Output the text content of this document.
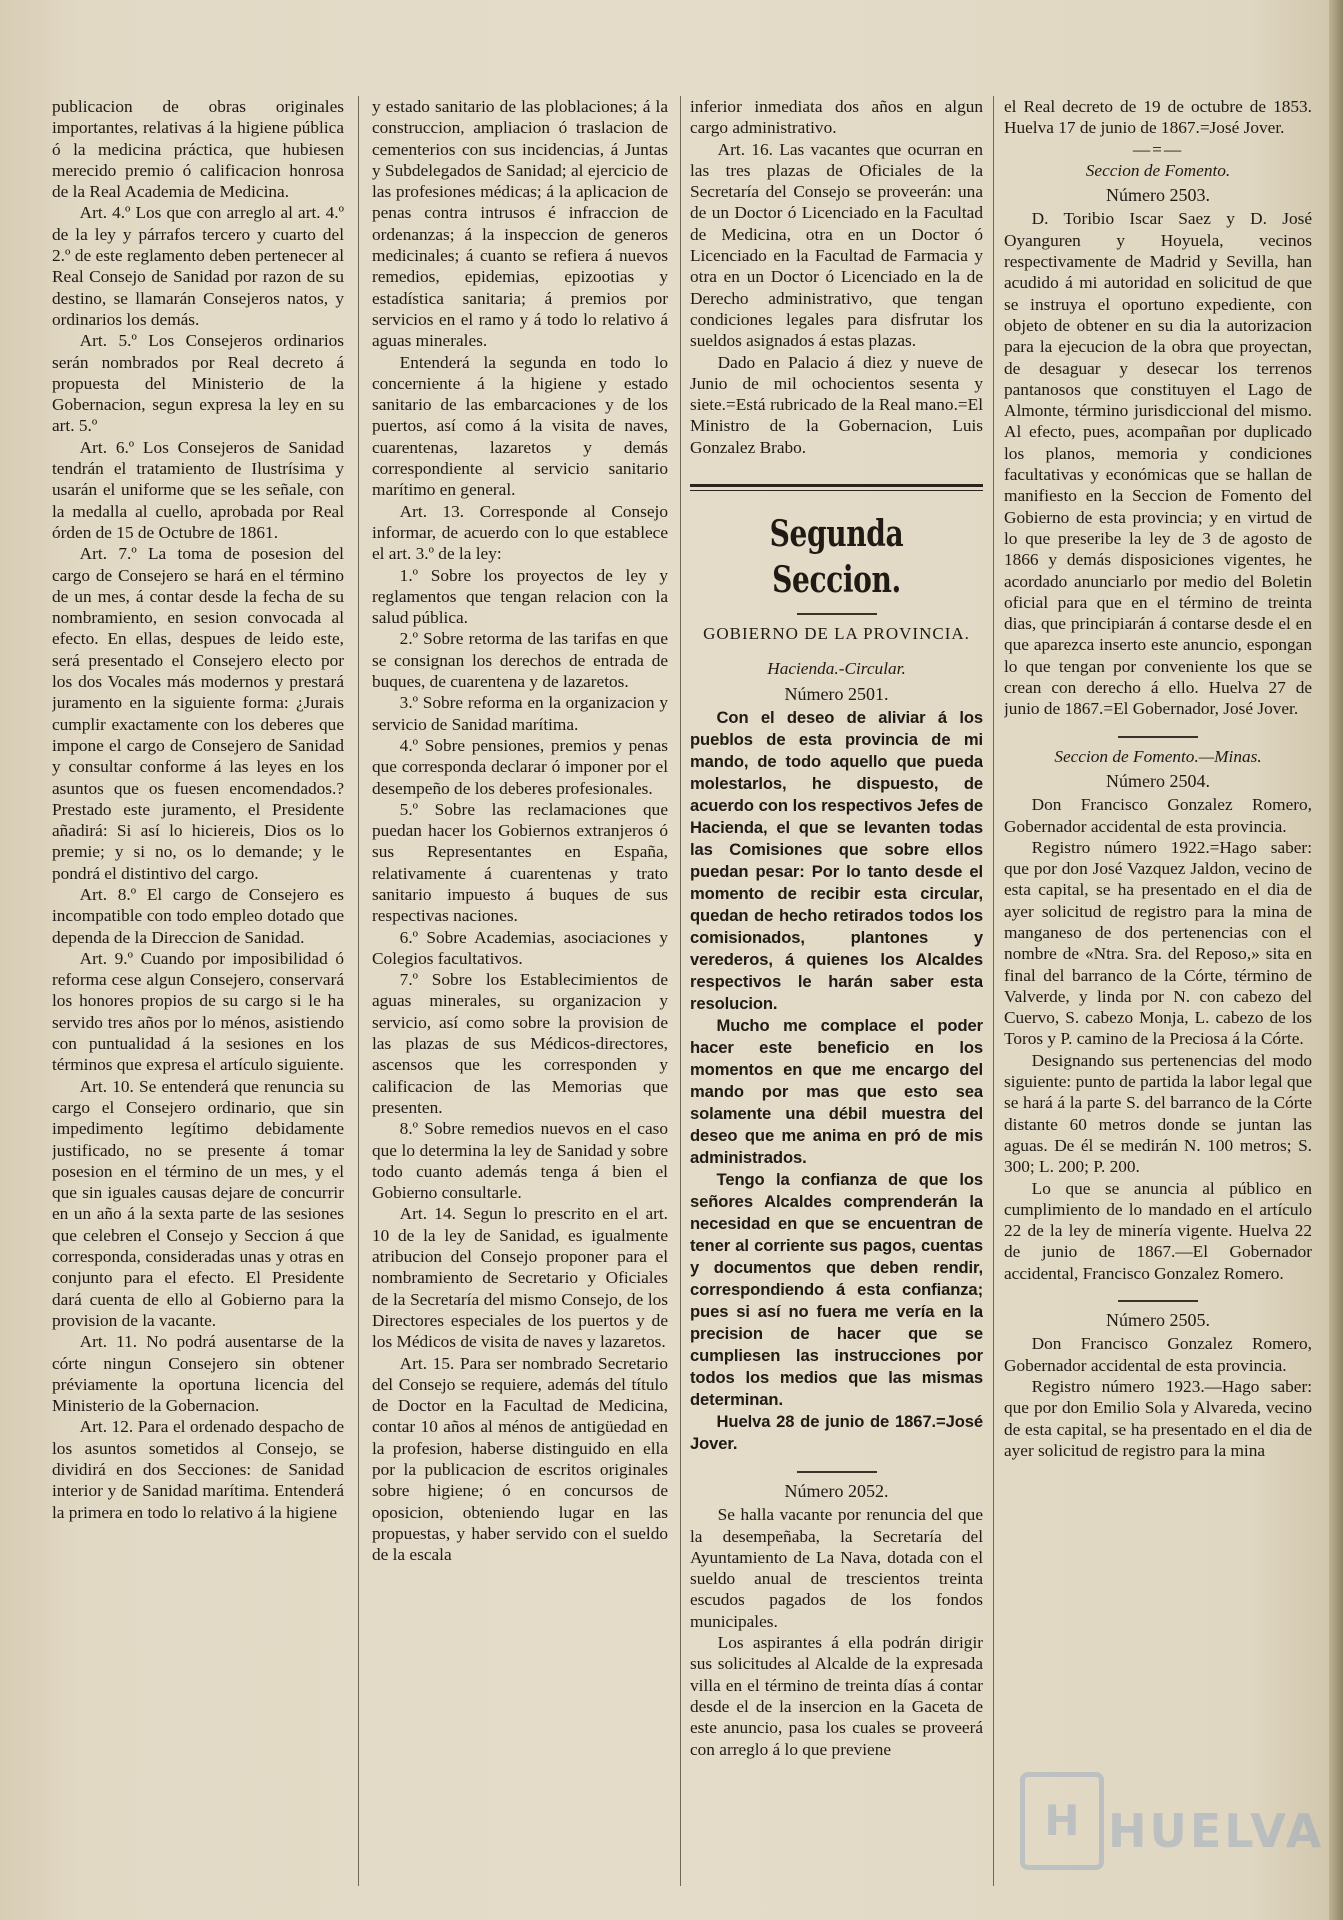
publicacion de obras originales importantes, relativas á la higiene pública ó la medicina práctica, que hubiesen merecido premio ó calificacion honrosa de la Real Academia de Medicina.

Art. 4.º Los que con arreglo al art. 4.º de la ley y párrafos tercero y cuarto del 2.º de este reglamento deben pertenecer al Real Consejo de Sanidad por razon de su destino, se llamarán Consejeros natos, y ordinarios los demás.

Art. 5.º Los Consejeros ordinarios serán nombrados por Real decreto á propuesta del Ministerio de la Gobernacion, segun expresa la ley en su art. 5.º

Art. 6.º Los Consejeros de Sanidad tendrán el tratamiento de Ilustrísima y usarán el uniforme que se les señale, con la medalla al cuello, aprobada por Real órden de 15 de Octubre de 1861.

Art. 7.º La toma de posesion del cargo de Consejero se hará en el término de un mes, á contar desde la fecha de su nombramiento, en sesion convocada al efecto. En ellas, despues de leido este, será presentado el Consejero electo por los dos Vocales más modernos y prestará juramento en la siguiente forma: ¿Jurais cumplir exactamente con los deberes que impone el cargo de Consejero de Sanidad y consultar conforme á las leyes en los asuntos que os fuesen encomendados.? Prestado este juramento, el Presidente añadirá: Si así lo hiciereis, Dios os lo premie; y si no, os lo demande; y le pondrá el distintivo del cargo.

Art. 8.º El cargo de Consejero es incompatible con todo empleo dotado que dependa de la Direccion de Sanidad.

Art. 9.º Cuando por imposibilidad ó reforma cese algun Consejero, conservará los honores propios de su cargo si le ha servido tres años por lo ménos, asistiendo con puntualidad á la sesiones en los términos que expresa el artículo siguiente.

Art. 10. Se entenderá que renuncia su cargo el Consejero ordinario, que sin impedimento legítimo debidamente justificado, no se presente á tomar posesion en el término de un mes, y el que sin iguales causas dejare de concurrir en un año á la sexta parte de las sesiones que celebren el Consejo y Seccion á que corresponda, consideradas unas y otras en conjunto para el efecto. El Presidente dará cuenta de ello al Gobierno para la provision de la vacante.

Art. 11. No podrá ausentarse de la córte ningun Consejero sin obtener préviamente la oportuna licencia del Ministerio de la Gobernacion.

Art. 12. Para el ordenado despacho de los asuntos sometidos al Consejo, se dividirá en dos Secciones: de Sanidad interior y de Sanidad marítima. Entenderá la primera en todo lo relativo á la higiene

y estado sanitario de las ploblaciones; á la construccion, ampliacion ó traslacion de cementerios con sus incidencias, á Juntas y Subdelegados de Sanidad; al ejercicio de las profesiones médicas; á la aplicacion de penas contra intrusos é infraccion de ordenanzas; á la inspeccion de generos medicinales; á cuanto se refiera á nuevos remedios, epidemias, epizootias y estadística sanitaria; á premios por servicios en el ramo y á todo lo relativo á aguas minerales.

Entenderá la segunda en todo lo concerniente á la higiene y estado sanitario de las embarcaciones y de los puertos, así como á la visita de naves, cuarentenas, lazaretos y demás correspondiente al servicio sanitario marítimo en general.

Art. 13. Corresponde al Consejo informar, de acuerdo con lo que establece el art. 3.º de la ley:

1.º Sobre los proyectos de ley y reglamentos que tengan relacion con la salud pública.

2.º Sobre retorma de las tarifas en que se consignan los derechos de entrada de buques, de cuarentena y de lazaretos.

3.º Sobre reforma en la organizacion y servicio de Sanidad marítima.

4.º Sobre pensiones, premios y penas que corresponda declarar ó imponer por el desempeño de los deberes profesionales.

5.º Sobre las reclamaciones que puedan hacer los Gobiernos extranjeros ó sus Representantes en España, relativamente á cuarentenas y trato sanitario impuesto á buques de sus respectivas naciones.

6.º Sobre Academias, asociaciones y Colegios facultativos.

7.º Sobre los Establecimientos de aguas minerales, su organizacion y servicio, así como sobre la provision de las plazas de sus Médicos-directores, ascensos que les corresponden y calificacion de las Memorias que presenten.

8.º Sobre remedios nuevos en el caso que lo determina la ley de Sanidad y sobre todo cuanto además tenga á bien el Gobierno consultarle.

Art. 14. Segun lo prescrito en el art. 10 de la ley de Sanidad, es igualmente atribucion del Consejo proponer para el nombramiento de Secretario y Oficiales de la Secretaría del mismo Consejo, de los Directores especiales de los puertos y de los Médicos de visita de naves y lazaretos.

Art. 15. Para ser nombrado Secretario del Consejo se requiere, además del título de Doctor en la Facultad de Medicina, contar 10 años al ménos de antigüedad en la profesion, haberse distinguido en ella por la publicacion de escritos originales sobre higiene; ó en concursos de oposicion, obteniendo lugar en las propuestas, y haber servido con el sueldo de la escala

inferior inmediata dos años en algun cargo administrativo.

Art. 16. Las vacantes que ocurran en las tres plazas de Oficiales de la Secretaría del Consejo se proveerán: una de un Doctor ó Licenciado en la Facultad de Medicina, otra en un Doctor ó Licenciado en la Facultad de Farmacia y otra en un Doctor ó Licenciado en la de Derecho administrativo, que tengan condiciones legales para disfrutar los sueldos asignados á estas plazas.

Dado en Palacio á diez y nueve de Junio de mil ochocientos sesenta y siete.=Está rubricado de la Real mano.=El Ministro de la Gobernacion, Luis Gonzalez Brabo.

Segunda Seccion.
GOBIERNO DE LA PROVINCIA.

Hacienda.-Circular.

Número 2501.

Con el deseo de aliviar á los pueblos de esta provincia de mi mando, de todo aquello que pueda molestarlos, he dispuesto, de acuerdo con los respectivos Jefes de Hacienda, el que se levanten todas las Comisiones que sobre ellos puedan pesar: Por lo tanto desde el momento de recibir esta circular, quedan de hecho retirados todos los comisionados, plantones y verederos, á quienes los Alcaldes respectivos le harán saber esta resolucion.

Mucho me complace el poder hacer este beneficio en los momentos en que me encargo del mando por mas que esto sea solamente una débil muestra del deseo que me anima en pró de mis administrados.

Tengo la confianza de que los señores Alcaldes comprenderán la necesidad en que se encuentran de tener al corriente sus pagos, cuentas y documentos que deben rendir, correspondiendo á esta confianza; pues si así no fuera me vería en la precision de hacer que se cumpliesen las instrucciones por todos los medios que las mismas determinan.

Huelva 28 de junio de 1867.=José Jover.

Número 2052.

Se halla vacante por renuncia del que la desempeñaba, la Secretaría del Ayuntamiento de La Nava, dotada con el sueldo anual de trescientos treinta escudos pagados de los fondos municipales.

Los aspirantes á ella podrán dirigir sus solicitudes al Alcalde de la expresada villa en el término de treinta días á contar desde el de la insercion en la Gaceta de este anuncio, pasa los cuales se proveerá con arreglo á lo que previene

el Real decreto de 19 de octubre de 1853. Huelva 17 de junio de 1867.=José Jover.

—=—

Seccion de Fomento.

Número 2503.

D. Toribio Iscar Saez y D. José Oyanguren y Hoyuela, vecinos respectivamente de Madrid y Sevilla, han acudido á mi autoridad en solicitud de que se instruya el oportuno expediente, con objeto de obtener en su dia la autorizacion para la ejecucion de la obra que proyectan, de desaguar y desecar los terrenos pantanosos que constituyen el Lago de Almonte, término jurisdiccional del mismo. Al efecto, pues, acompañan por duplicado los planos, memoria y condiciones facultativas y económicas que se hallan de manifiesto en la Seccion de Fomento del Gobierno de esta provincia; y en virtud de lo que preseribe la ley de 3 de agosto de 1866 y demás disposiciones vigentes, he acordado anunciarlo por medio del Boletin oficial para que en el término de treinta dias, que principiarán á contarse desde el en que aparezca inserto este anuncio, espongan lo que tengan por conveniente los que se crean con derecho á ello. Huelva 27 de junio de 1867.=El Gobernador, José Jover.

Seccion de Fomento.—Minas.

Número 2504.

Don Francisco Gonzalez Romero, Gobernador accidental de esta provincia.

Registro número 1922.=Hago saber: que por don José Vazquez Jaldon, vecino de esta capital, se ha presentado en el dia de ayer solicitud de registro para la mina de manganeso de dos pertenencias con el nombre de «Ntra. Sra. del Reposo,» sita en final del barranco de la Córte, término de Valverde, y linda por N. con cabezo del Cuervo, S. cabezo Monja, L. cabezo de los Toros y P. camino de la Preciosa á la Córte.

Designando sus pertenencias del modo siguiente: punto de partida la labor legal que se hará á la parte S. del barranco de la Córte distante 60 metros donde se juntan las aguas. De él se medirán N. 100 metros; S. 300; L. 200; P. 200.

Lo que se anuncia al público en cumplimiento de lo mandado en el artículo 22 de la ley de minería vigente. Huelva 22 de junio de 1867.—El Gobernador accidental, Francisco Gonzalez Romero.

Número 2505.

Don Francisco Gonzalez Romero, Gobernador accidental de esta provincia.

Registro número 1923.—Hago saber: que por don Emilio Sola y Alvareda, vecino de esta capital, se ha presentado en el dia de ayer solicitud de registro para la mina

H HUELVA
